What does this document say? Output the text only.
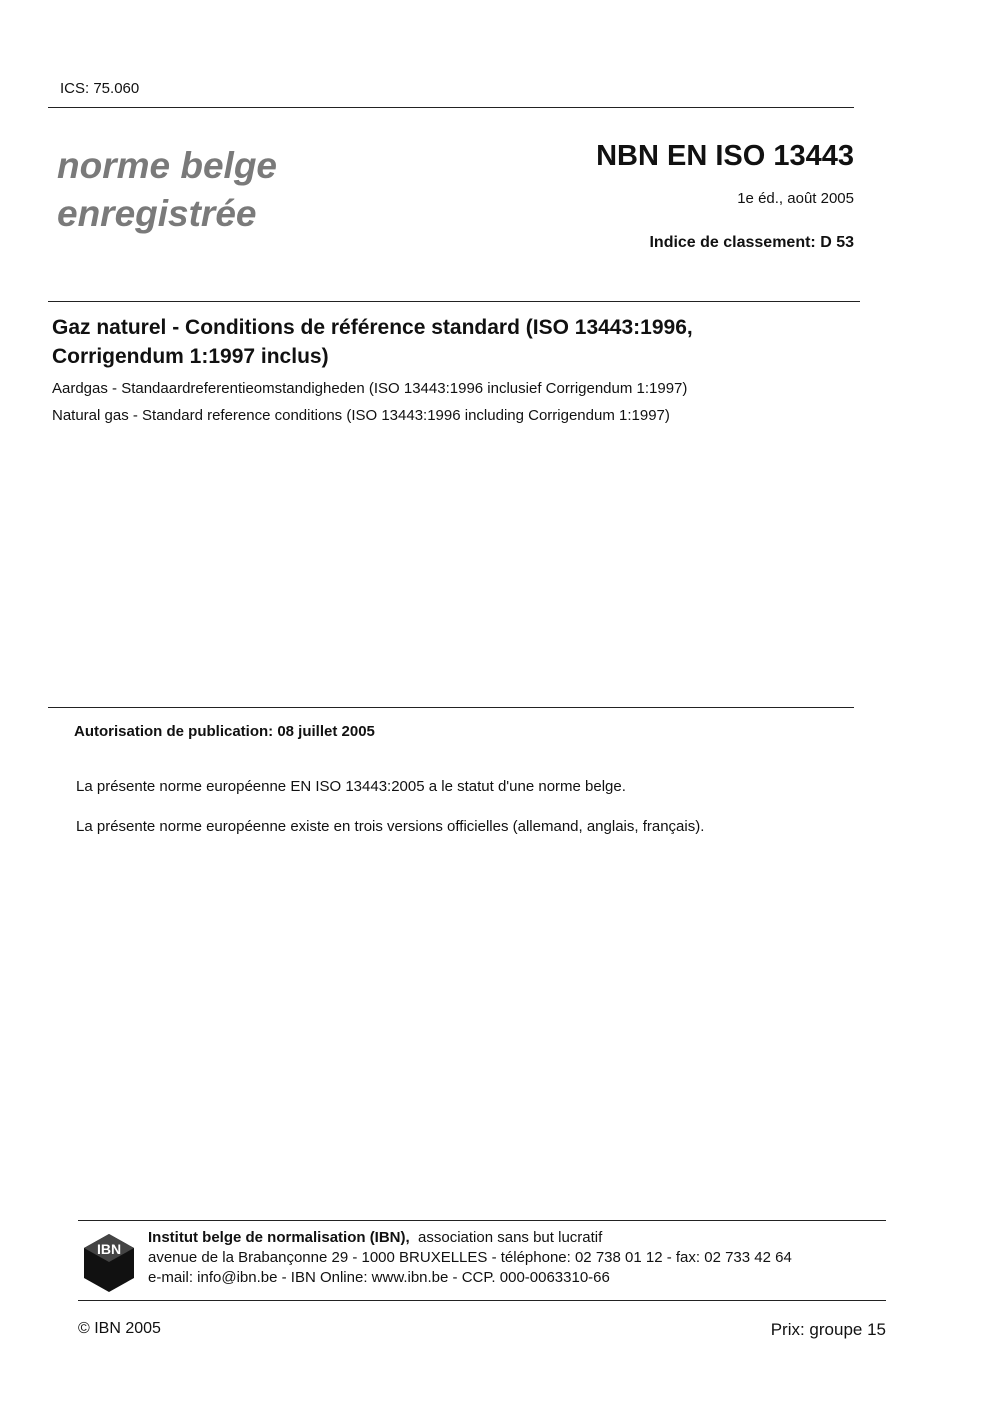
ICS: 75.060
norme belge
enregistrée
NBN EN ISO 13443
1e éd., août 2005
Indice de classement: D 53
Gaz naturel - Conditions de référence standard (ISO 13443:1996,
Corrigendum 1:1997 inclus)
Aardgas - Standaardreferentieomstandigheden (ISO 13443:1996 inclusief Corrigendum 1:1997)
Natural gas - Standard reference conditions (ISO 13443:1996 including Corrigendum 1:1997)
Autorisation de publication: 08 juillet 2005
La présente norme européenne EN ISO 13443:2005 a le statut d'une norme belge.
La présente norme européenne existe en trois versions officielles (allemand, anglais, français).
IBN
Institut belge de normalisation (IBN),  association sans but lucratif
avenue de la Brabançonne 29 - 1000 BRUXELLES - téléphone: 02 738 01 12 - fax: 02 733 42 64
e-mail: info@ibn.be - IBN Online: www.ibn.be - CCP. 000-0063310-66
© IBN 2005	Prix: groupe 15
